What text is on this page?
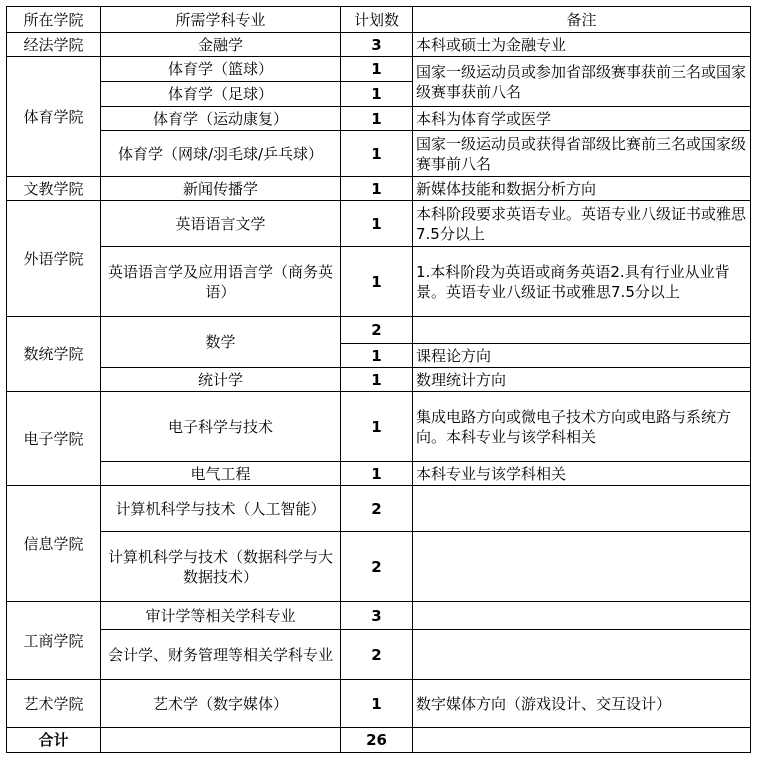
所在学院	所需学科专业	计划数	备注
经法学院	金融学	3	本科或硕士为金融专业
体育学院	体育学（篮球）	1	国家一级运动员或参加省部级赛事获前三名或国家级赛事获前八名
	体育学（足球）	1	
	体育学（运动康复）	1	本科为体育学或医学
	体育学（网球/羽毛球/乒乓球）	1	国家一级运动员或获得省部级比赛前三名或国家级赛事前八名
文教学院	新闻传播学	1	新媒体技能和数据分析方向
外语学院	英语语言文学	1	本科阶段要求英语专业。英语专业八级证书或雅思7.5分以上
	英语语言学及应用语言学（商务英语）	1	1.本科阶段为英语或商务英语2.具有行业从业背景。英语专业八级证书或雅思7.5分以上
数统学院	数学	2	
		1	课程论方向
	统计学	1	数理统计方向
电子学院	电子科学与技术	1	集成电路方向或微电子技术方向或电路与系统方向。本科专业与该学科相关
	电气工程	1	本科专业与该学科相关
信息学院	计算机科学与技术（人工智能）	2	
	计算机科学与技术（数据科学与大数据技术）	2	
工商学院	审计学等相关学科专业	3	
	会计学、财务管理等相关学科专业	2	
艺术学院	艺术学（数字媒体）	1	数字媒体方向（游戏设计、交互设计）
合计		26	
